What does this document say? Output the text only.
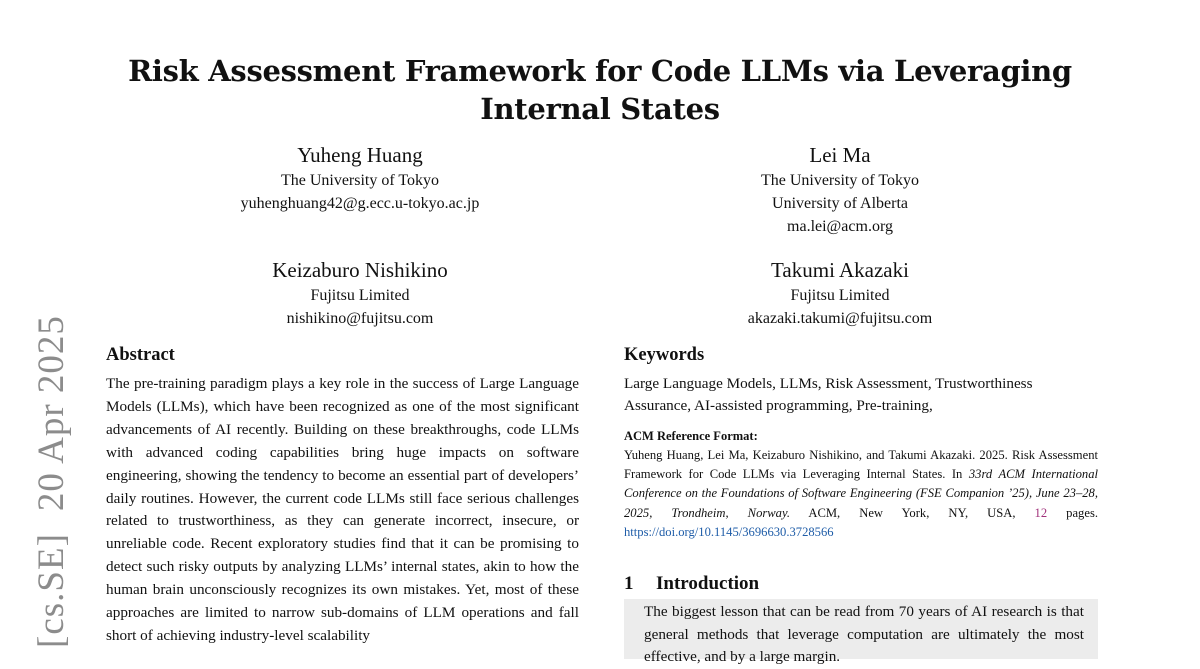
[cs.SE]20 Apr 2025
Risk Assessment Framework for Code LLMs via Leveraging Internal States
Yuheng Huang
The University of Tokyo
yuhenghuang42@g.ecc.u-tokyo.ac.jp
Lei Ma
The University of Tokyo
University of Alberta
ma.lei@acm.org
Keizaburo Nishikino
Fujitsu Limited
nishikino@fujitsu.com
Takumi Akazaki
Fujitsu Limited
akazaki.takumi@fujitsu.com
Abstract
The pre-training paradigm plays a key role in the success of Large Language Models (LLMs), which have been recognized as one of the most significant advancements of AI recently. Building on these breakthroughs, code LLMs with advanced coding capabilities bring huge impacts on software engineering, showing the tendency to become an essential part of developers’ daily routines. However, the current code LLMs still face serious challenges related to trustworthiness, as they can generate incorrect, insecure, or unreliable code. Recent exploratory studies find that it can be promising to detect such risky outputs by analyzing LLMs’ internal states, akin to how the human brain unconsciously recognizes its own mistakes. Yet, most of these approaches are limited to narrow sub-domains of LLM operations and fall short of achieving industry-level scalability
Keywords
Large Language Models, LLMs, Risk Assessment, Trustworthiness Assurance, AI-assisted programming, Pre-training,
ACM Reference Format:
Yuheng Huang, Lei Ma, Keizaburo Nishikino, and Takumi Akazaki. 2025. Risk Assessment Framework for Code LLMs via Leveraging Internal States. In 33rd ACM International Conference on the Foundations of Software Engineering (FSE Companion ’25), June 23–28, 2025, Trondheim, Norway. ACM, New York, NY, USA, 12 pages. https://doi.org/10.1145/3696630.3728566
1 Introduction
The biggest lesson that can be read from 70 years of AI research is that general methods that leverage computation are ultimately the most effective, and by a large margin.
